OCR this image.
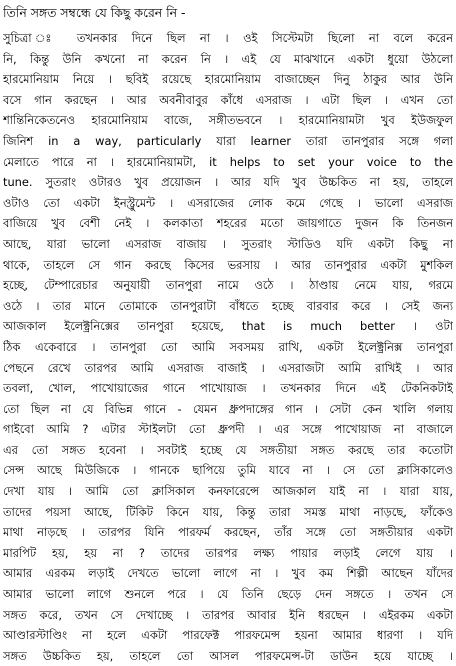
তিনি সঙ্গত সম্বন্ধে যে কিছু করেন নি -
সুচিত্রা ঃ তখনকার দিনে ছিল না । ওই সিস্টেমটা ছিলো না বলে করেন
নি, কিন্তু উনি কখনো না করেন নি । এই যে মাঝখানে একটা ধুয়ো উঠলো
হারমোনিয়াম নিয়ে । ছবিই রয়েছে হারমোনিয়াম বাজাচ্ছেন দিনু ঠাকুর আর উনি
বসে গান করছেন । আর অবনীবাবুর কাঁধে এসরাজ । এটা ছিল । এখন তো
শান্তিনিকেতনেও হারমোনিয়াম বাজে, সঙ্গীতভবনে । হারমোনিয়ামটা খুব ইউজফুল
জিনিশ in a way, particularly যারা learner তারা তানপুরার সঙ্গে গলা
মেলাতে পারে না । হারমোনিয়ামটা, it helps to set your voice to the
tune. সুতরাং ওটারও খুব প্রয়োজন । আর যদি খুব উচ্চকিত না হয়, তাহলে
ওটাও তো একটা ইনস্ট্রুমেন্ট । এসরাজের লোক কমে গেছে । ভালো এসরাজ
বাজিয়ে খুব বেশী নেই । কলকাতা শহরের মতো জায়গাতে দুজন কি তিনজন
আছে, যারা ভালো এসরাজ বাজায় । সুতরাং স্টাডিও যদি একটা কিছু না
থাকে, তাহলে সে গান করছে কিসের ভরসায় । আর তানপুরার একটা মুশকিল
হচ্ছে, টেম্পারেচার অনুযায়ী তানপুরা নামে ওঠে । ঠাণ্ডায় নেমে যায়, গরমে
ওঠে । তার মানে তোমাকে তানপুরাটা বাঁধতে হচ্ছে বারবার করে । সেই জন্য
আজকাল ইলেক্ট্রনিক্সের তানপুরা হয়েছে, that is much better । ওটা
ঠিক একেবারে । তানপুরা তো আমি সবসময় রাখি, একটা ইলেক্ট্রনিক্স তানপুরা
পেছনে রেখে তারপর আমি এসরাজ বাজাই । এসরাজটা আমি রাখিই । আর
তবলা, খোল, পাখোয়াজের গানে পাখোয়াজ । তখনকার দিনে এই টেকনিকটাই
তো ছিল না যে বিভিন্ন গানে - যেমন ধ্রুপদাঙ্গের গান । সেটা কেন খালি গলায়
গাইবো আমি ? এটার স্টাইলটা তো ধ্রুপদী । এর সঙ্গে পাখোয়াজ না বাজালে
এর তো সঙ্গত হবেনা । সবটাই হচ্ছে যে সঙ্গতীয়া সঙ্গত করছে তার কতোটা
সেন্স আছে মিউজিকে । গানকে ছাপিয়ে তুমি যাবে না । সে তো ক্লাসিকালেও
দেখা যায় । আমি তো ক্লাসিকাল কনফারেন্সে আজকাল যাই না । যারা যায়,
তাদের পয়সা আছে, টিকিট কিনে যায়, কিন্তু তারা সমস্ত মাথা নাড়ছে, ফাঁকেও
মাথা নাড়ছে । তারপর যিনি পারফর্ম করছেন, তাঁর সঙ্গে তো সঙ্গতীয়ার একটা
মারপিট হয়, হয় না ? তাদের তারপর লক্ষ্য পায়ার লড়াই লেগে যায় ।
আমার এরকম লড়াই দেখতে ভালো লাগে না । খুব কম শিল্পী আছেন যাঁদের
আমার ভালো লাগে শুনলে পরে । যে তিনি ছেড়ে দেন সঙ্গতে । তখন সে
সঙ্গত করে, তখন সে দেখাচ্ছে । তারপর আবার ইনি ধরছেন । এইরকম একটা
আণ্ডারস্টাণ্ডিং না হলে একটা পারফেক্ট পারফমেন্স হয়না আমার ধারণা । যদি
সঙ্গত উচ্চকিত হয়, তাহলে তো আসল পারফমেন্স-টা ডাউন হয়ে যাচ্ছে ।
